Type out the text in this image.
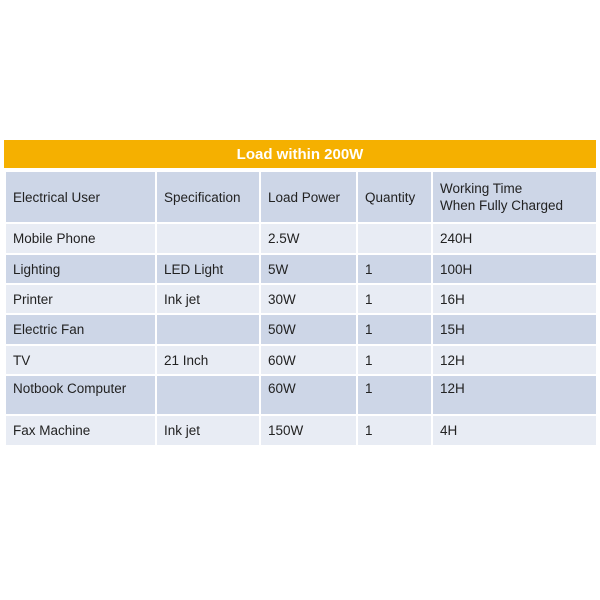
Load within 200W
Electrical User	Specification	Load Power	Quantity	Working Time
When Fully Charged

Mobile Phone		2.5W		240H
Lighting	LED Light	5W	1	100H
Printer	Ink jet	30W	1	16H
Electric Fan		50W	1	15H
TV	21 Inch	60W	1	12H
Notbook Computer		60W	1	12H
Fax Machine	Ink jet	150W	1	4H
